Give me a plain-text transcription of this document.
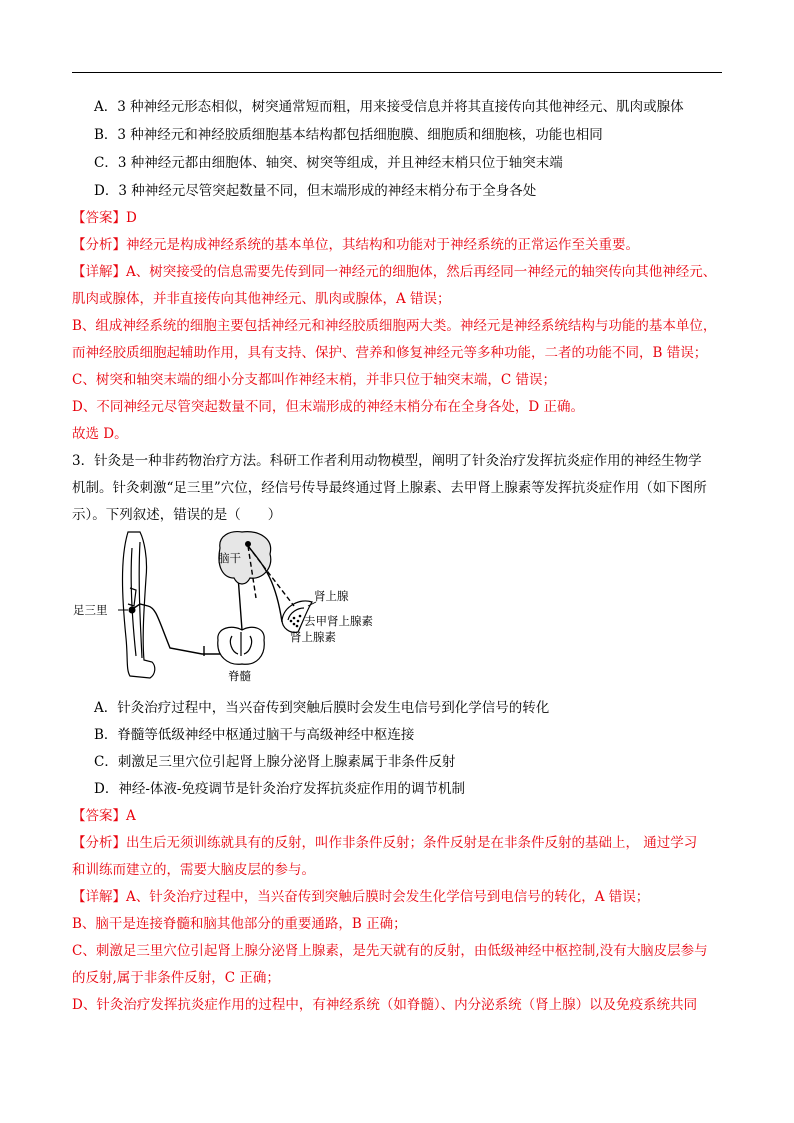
A．3 种神经元形态相似，树突通常短而粗，用来接受信息并将其直接传向其他神经元、肌肉或腺体
B．3 种神经元和神经胶质细胞基本结构都包括细胞膜、细胞质和细胞核，功能也相同
C．3 种神经元都由细胞体、轴突、树突等组成，并且神经末梢只位于轴突末端
D．3 种神经元尽管突起数量不同，但末端形成的神经末梢分布于全身各处
【答案】D
【分析】神经元是构成神经系统的基本单位，其结构和功能对于神经系统的正常运作至关重要。
【详解】A、树突接受的信息需要先传到同一神经元的细胞体，然后再经同一神经元的轴突传向其他神经元、
肌肉或腺体，并非直接传向其他神经元、肌肉或腺体，A 错误；
B、组成神经系统的细胞主要包括神经元和神经胶质细胞两大类。神经元是神经系统结构与功能的基本单位，
而神经胶质细胞起辅助作用，具有支持、保护、营养和修复神经元等多种功能，二者的功能不同，B 错误；
C、树突和轴突末端的细小分支都叫作神经末梢，并非只位于轴突末端，C 错误；
D、不同神经元尽管突起数量不同，但末端形成的神经末梢分布在全身各处，D 正确。
故选 D。
3．针灸是一种非药物治疗方法。科研工作者利用动物模型，阐明了针灸治疗发挥抗炎症作用的神经生物学
机制。针灸刺激“足三里”穴位，经信号传导最终通过肾上腺素、去甲肾上腺素等发挥抗炎症作用（如下图所
示）。下列叙述，错误的是（　　）
足三里
脊髓
脑干
肾上腺
去甲肾上腺素
肾上腺素
A．针灸治疗过程中，当兴奋传到突触后膜时会发生电信号到化学信号的转化
B．脊髓等低级神经中枢通过脑干与高级神经中枢连接
C．刺激足三里穴位引起肾上腺分泌肾上腺素属于非条件反射
D．神经-体液-免疫调节是针灸治疗发挥抗炎症作用的调节机制
【答案】A
【分析】出生后无须训练就具有的反射，叫作非条件反射；条件反射是在非条件反射的基础上， 通过学习
和训练而建立的，需要大脑皮层的参与。
【详解】A、针灸治疗过程中，当兴奋传到突触后膜时会发生化学信号到电信号的转化，A 错误；
B、脑干是连接脊髓和脑其他部分的重要通路，B 正确；
C、刺激足三里穴位引起肾上腺分泌肾上腺素，是先天就有的反射，由低级神经中枢控制,没有大脑皮层参与
的反射,属于非条件反射，C 正确；
D、针灸治疗发挥抗炎症作用的过程中，有神经系统（如脊髓）、内分泌系统（肾上腺）以及免疫系统共同
